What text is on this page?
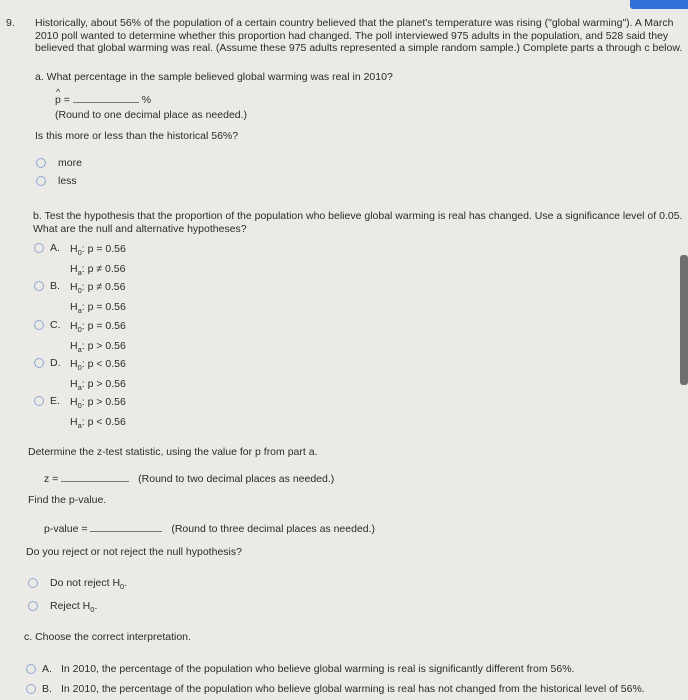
9. Historically, about 56% of the population of a certain country believed that the planet's temperature was rising ("global warming"). A March
2010 poll wanted to determine whether this proportion had changed. The poll interviewed 975 adults in the population, and 528 said they
believed that global warming was real. (Assume these 975 adults represented a simple random sample.) Complete parts a through c below.
a. What percentage in the sample believed global warming was real in 2010?
^ p =	%
(Round to one decimal place as needed.)
Is this more or less than the historical 56%?
more
less
b. Test the hypothesis that the proportion of the population who believe global warming is real has changed. Use a significance level of 0.05.
What are the null and alternative hypotheses?
A. $H_0$: p = 0.56
$H_a$: p ≠ 0.56
B. $H_0$: p ≠ 0.56
$H_a$: p = 0.56
C. $H_0$: p = 0.56
$H_a$: p > 0.56
D. $H_0$: p < 0.56
$H_a$: p > 0.56
E. $H_0$: p > 0.56
$H_a$: p < 0.56
Determine the z-test statistic, using the value for p from part a.
z =	(Round to two decimal places as needed.)
Find the p-value.
p-value =	(Round to three decimal places as needed.)
Do you reject or not reject the null hypothesis?
Do not reject $H_0$.
Reject $H_0$.
c. Choose the correct interpretation.
A. In 2010, the percentage of the population who believe global warming is real is significantly different from 56%.
B. In 2010, the percentage of the population who believe global warming is real has not changed from the historical level of 56%.
